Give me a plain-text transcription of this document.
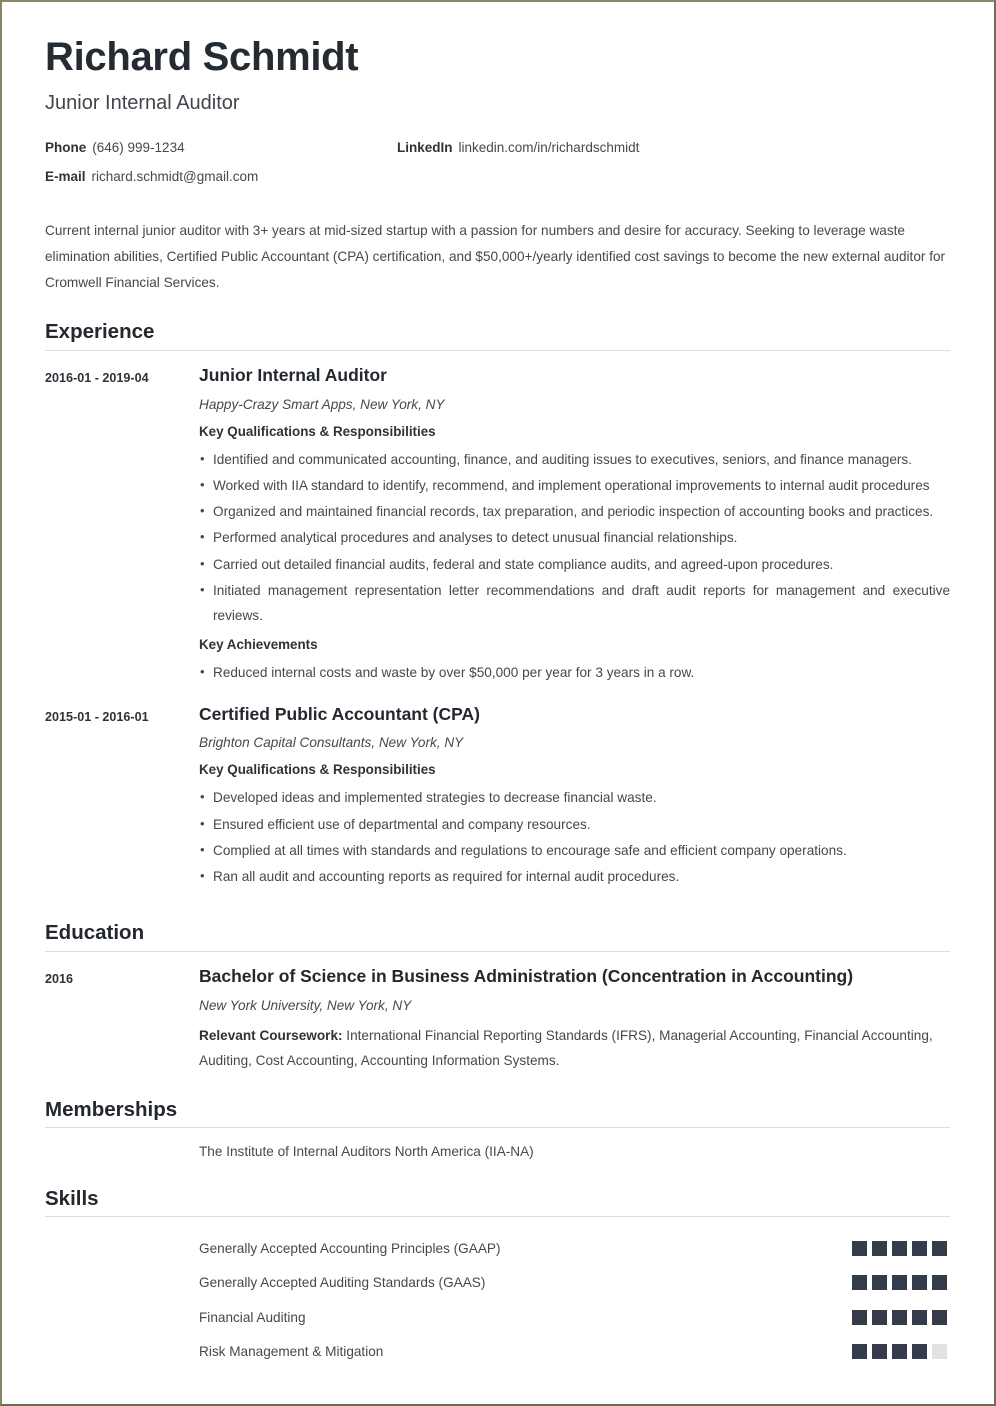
Richard Schmidt
Junior Internal Auditor
Phone (646) 999-1234	LinkedIn linkedin.com/in/richardschmidt
E-mail richard.schmidt@gmail.com	

Current internal junior auditor with 3+ years at mid-sized startup with a passion for numbers and desire for accuracy. Seeking to leverage waste elimination abilities, Certified Public Accountant (CPA) certification, and $50,000+/yearly identified cost savings to become the new external auditor for Cromwell Financial Services.

Experience
2016-01 - 2019-04	Junior Internal Auditor
Happy-Crazy Smart Apps, New York, NY
Key Qualifications & Responsibilities
• Identified and communicated accounting, finance, and auditing issues to executives, seniors, and finance managers.
• Worked with IIA standard to identify, recommend, and implement operational improvements to internal audit procedures
• Organized and maintained financial records, tax preparation, and periodic inspection of accounting books and practices.
• Performed analytical procedures and analyses to detect unusual financial relationships.
• Carried out detailed financial audits, federal and state compliance audits, and agreed-upon procedures.
• Initiated management representation letter recommendations and draft audit reports for management and executive reviews.
Key Achievements
• Reduced internal costs and waste by over $50,000 per year for 3 years in a row.
2015-01 - 2016-01	Certified Public Accountant (CPA)
Brighton Capital Consultants, New York, NY
Key Qualifications & Responsibilities
• Developed ideas and implemented strategies to decrease financial waste.
• Ensured efficient use of departmental and company resources.
• Complied at all times with standards and regulations to encourage safe and efficient company operations.
• Ran all audit and accounting reports as required for internal audit procedures.
Education
2016	Bachelor of Science in Business Administration (Concentration in Accounting)
New York University, New York, NY

Relevant Coursework: International Financial Reporting Standards (IFRS), Managerial Accounting, Financial Accounting, Auditing, Cost Accounting, Accounting Information Systems.

Memberships
The Institute of Internal Auditors North America (IIA-NA)
Skills
Generally Accepted Accounting Principles (GAAP)
Generally Accepted Auditing Standards (GAAS)
Financial Auditing
Risk Management & Mitigation
